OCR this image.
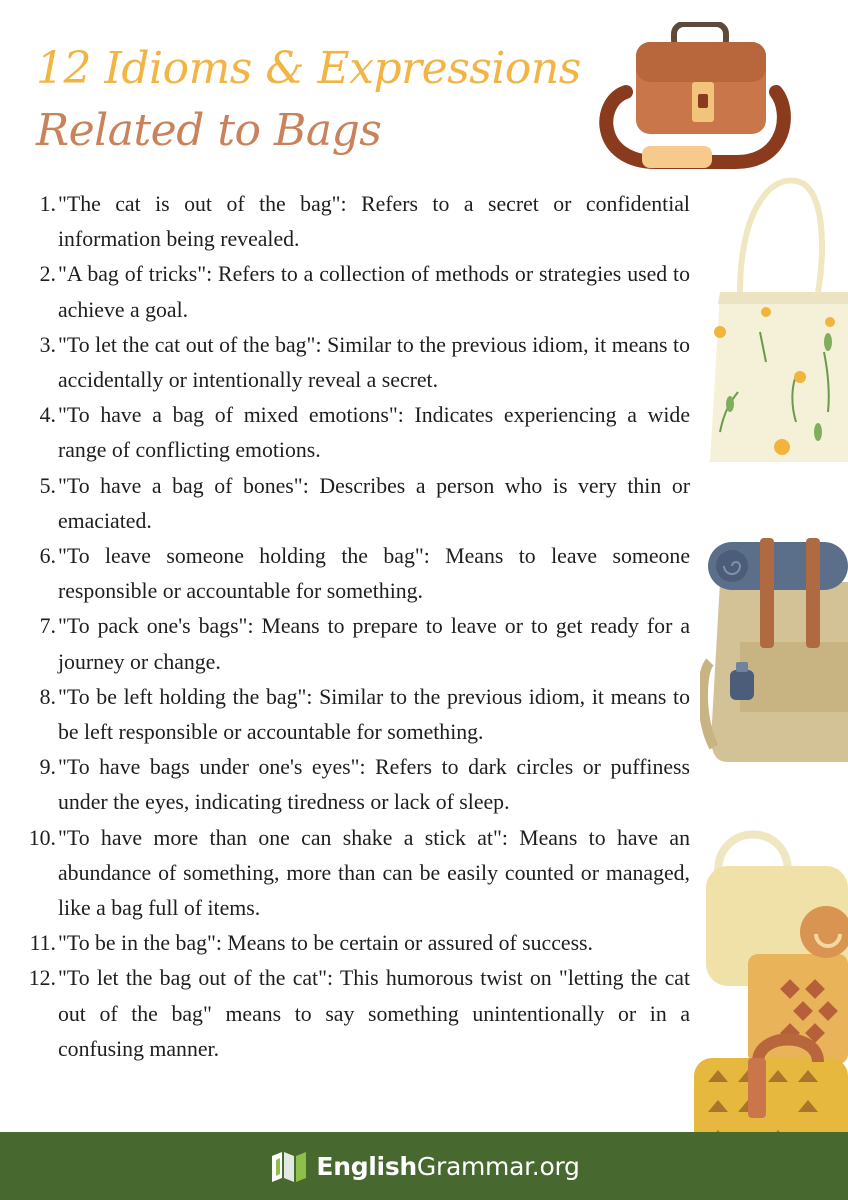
12 Idioms & Expressions
Related to Bags
1. "The cat is out of the bag": Refers to a secret or confidential information being revealed.
2. "A bag of tricks": Refers to a collection of methods or strategies used to achieve a goal.
3. "To let the cat out of the bag": Similar to the previous idiom, it means to accidentally or intentionally reveal a secret.
4. "To have a bag of mixed emotions": Indicates experiencing a wide range of conflicting emotions.
5. "To have a bag of bones": Describes a person who is very thin or emaciated.
6. "To leave someone holding the bag": Means to leave someone responsible or accountable for something.
7. "To pack one's bags": Means to prepare to leave or to get ready for a journey or change.
8. "To be left holding the bag": Similar to the previous idiom, it means to be left responsible or accountable for something.
9. "To have bags under one's eyes": Refers to dark circles or puffiness under the eyes, indicating tiredness or lack of sleep.
10. "To have more than one can shake a stick at": Means to have an abundance of something, more than can be easily counted or managed, like a bag full of items.
11. "To be in the bag": Means to be certain or assured of success.
12. "To let the bag out of the cat": This humorous twist on "letting the cat out of the bag" means to say something unintentionally or in a confusing manner.
EnglishGrammar.org
